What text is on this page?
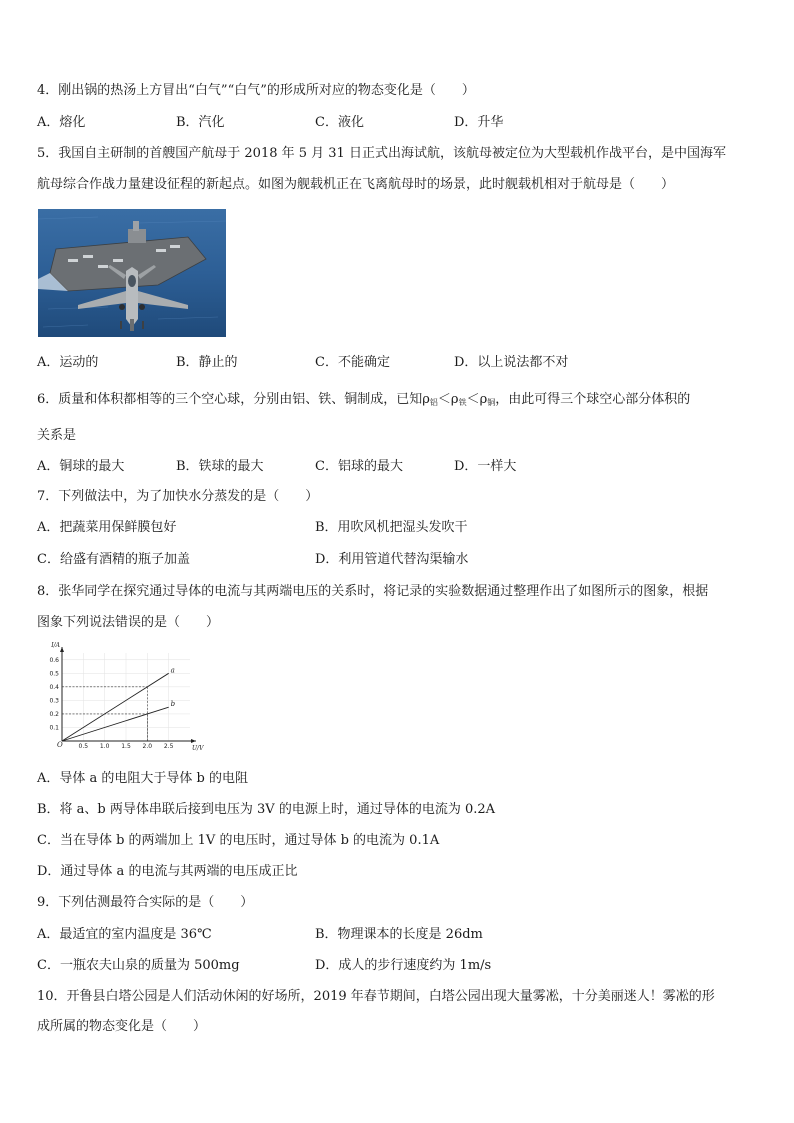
4．刚出锅的热汤上方冒出“白气”“白气”的形成所对应的物态变化是（　　）
A．熔化	B．汽化	C．液化	D．升华
5．我国自主研制的首艘国产航母于 2018 年 5 月 31 日正式出海试航，该航母被定位为大型载机作战平台，是中国海军
航母综合作战力量建设征程的新起点。如图为舰载机正在飞离航母时的场景，此时舰载机相对于航母是（　　）
A．运动的	B．静止的	C．不能确定	D．以上说法都不对
6．质量和体积都相等的三个空心球，分别由铝、铁、铜制成，已知$\rho_铝<\rho_铁<\rho_铜$，由此可得三个球空心部分体积的
关系是
A．铜球的最大	B．铁球的最大	C．铝球的最大	D．一样大
7．下列做法中，为了加快水分蒸发的是（　　）
A．把蔬菜用保鲜膜包好	B．用吹风机把湿头发吹干
C．给盛有酒精的瓶子加盖	D．利用管道代替沟渠输水
8．张华同学在探究通过导体的电流与其两端电压的关系时，将记录的实验数据通过整理作出了如图所示的图象，根据
图象下列说法错误的是（　　）
0.5 1.0 1.5 2.0 2.5
0.1
0.2
0.3
0.4
0.5
0.6
O	U/V
I/A
a
b
A．导体 a 的电阻大于导体 b 的电阻
B．将 a、b 两导体串联后接到电压为 3V 的电源上时，通过导体的电流为 0.2A
C．当在导体 b 的两端加上 1V 的电压时，通过导体 b 的电流为 0.1A
D．通过导体 a 的电流与其两端的电压成正比
9．下列估测最符合实际的是（　　）
A．最适宜的室内温度是 36℃	B．物理课本的长度是 26dm
C．一瓶农夫山泉的质量为 500mg	D．成人的步行速度约为 1m/s
10．开鲁县白塔公园是人们活动休闲的好场所，2019 年春节期间，白塔公园出现大量雾凇，十分美丽迷人！雾凇的形
成所属的物态变化是（　　）
